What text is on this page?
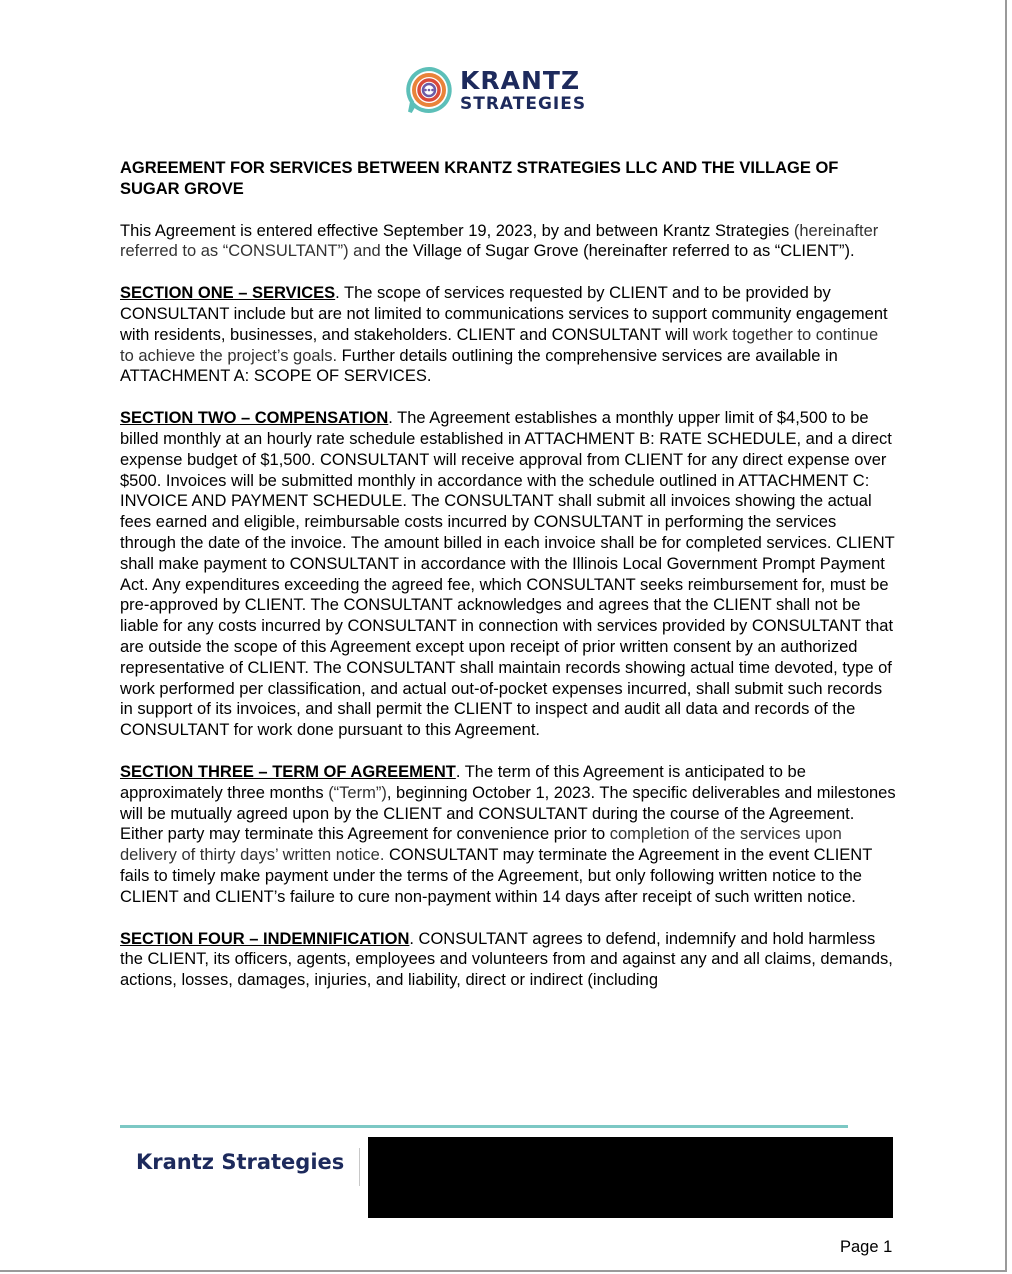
KRANTZ
STRATEGIES
AGREEMENT FOR SERVICES BETWEEN KRANTZ STRATEGIES LLC AND THE VILLAGE OF SUGAR GROVE

This Agreement is entered effective September 19, 2023, by and between Krantz Strategies (hereinafter referred to as “CONSULTANT”) and the Village of Sugar Grove (hereinafter referred to as “CLIENT”).

SECTION ONE – SERVICES. The scope of services requested by CLIENT and to be provided by CONSULTANT include but are not limited to communications services to support community engagement with residents, businesses, and stakeholders. CLIENT and CONSULTANT will work together to continue to achieve the project’s goals. Further details outlining the comprehensive services are available in ATTACHMENT A: SCOPE OF SERVICES.

SECTION TWO – COMPENSATION. The Agreement establishes a monthly upper limit of $4,500 to be billed monthly at an hourly rate schedule established in ATTACHMENT B: RATE SCHEDULE, and a direct expense budget of $1,500. CONSULTANT will receive approval from CLIENT for any direct expense over $500. Invoices will be submitted monthly in accordance with the schedule outlined in ATTACHMENT C: INVOICE AND PAYMENT SCHEDULE. The CONSULTANT shall submit all invoices showing the actual fees earned and eligible, reimbursable costs incurred by CONSULTANT in performing the services through the date of the invoice. The amount billed in each invoice shall be for completed services. CLIENT shall make payment to CONSULTANT in accordance with the Illinois Local Government Prompt Payment Act. Any expenditures exceeding the agreed fee, which CONSULTANT seeks reimbursement for, must be pre-approved by CLIENT. The CONSULTANT acknowledges and agrees that the CLIENT shall not be liable for any costs incurred by CONSULTANT in connection with services provided by CONSULTANT that are outside the scope of this Agreement except upon receipt of prior written consent by an authorized representative of CLIENT. The CONSULTANT shall maintain records showing actual time devoted, type of work performed per classification, and actual out-of-pocket expenses incurred, shall submit such records in support of its invoices, and shall permit the CLIENT to inspect and audit all data and records of the CONSULTANT for work done pursuant to this Agreement.

SECTION THREE – TERM OF AGREEMENT. The term of this Agreement is anticipated to be approximately three months (“Term”), beginning October 1, 2023. The specific deliverables and milestones will be mutually agreed upon by the CLIENT and CONSULTANT during the course of the Agreement. Either party may terminate this Agreement for convenience prior to completion of the services upon delivery of thirty days’ written notice. CONSULTANT may terminate the Agreement in the event CLIENT fails to timely make payment under the terms of the Agreement, but only following written notice to the CLIENT and CLIENT’s failure to cure non-payment within 14 days after receipt of such written notice.

SECTION FOUR – INDEMNIFICATION. CONSULTANT agrees to defend, indemnify and hold harmless the CLIENT, its officers, agents, employees and volunteers from and against any and all claims, demands, actions, losses, damages, injuries, and liability, direct or indirect (including

Krantz Strategies
Page 1
